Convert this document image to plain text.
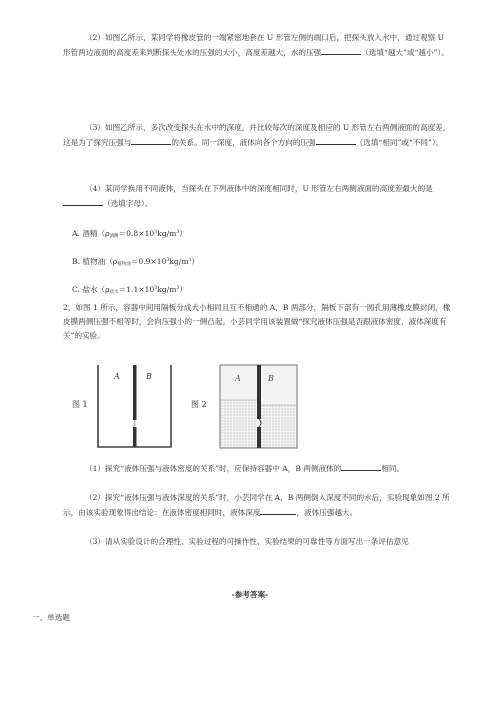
（2）如图乙所示，某同学将橡皮管的一端紧密地套在 U 形管左侧的端口后，把探头放入水中，通过观察 U 形管两边液面的高度差来判断探头处水的压强的大小，高度差越大，水的压强	（选填“越大”或“越小”）。

（3）如图乙所示，多次改变探头在水中的深度，并比较每次的深度及相应的 U 形管左右两侧液面的高度差，这是为了探究压强与	的关系。同一深度，液体向各个方向的压强	（选填“相同”或“不同”）。

（4）某同学换用不同液体，当探头在下列液体中的深度相同时，U 形管左右两侧液面的高度差最大的是（选填字母）。

A. 酒精$(\rho_{酒精}=0.8\times 10^3kg/m^3)$

B. 植物油$(\rho_{植物油}=0.9\times 10^3kg/m^3)$

C. 盐水$(\rho_{盐水}=1.1\times 10^3kg/m^3)$

2、如图 1 所示，容器中间用隔板分成大小相同且互不相通的 A，B 两部分，隔板下部有一圆孔用薄橡皮膜封闭，橡皮膜两侧压强不相等时，会向压强小的一侧凸起。小芸同学用该装置做“探究液体压强是否跟液体密度、液体深度有关”的实验。

图 1
A	B
图 2
A	B

（1）探究“液体压强与液体密度的关系”时，应保持容器中 A，B 两侧液体的	相同。

（2）探究“液体压强与液体深度的关系”时，小芸同学在 A，B 两侧倒入深度不同的水后，实验现象如图 2 所示，由该实验现象得出结论：在液体密度相同时，液体深度	，液体压强越大。

（3）请从实验设计的合理性、实验过程的可操作性、实验结果的可靠性等方面写出一条评估意见

-参考答案-
一、单选题
